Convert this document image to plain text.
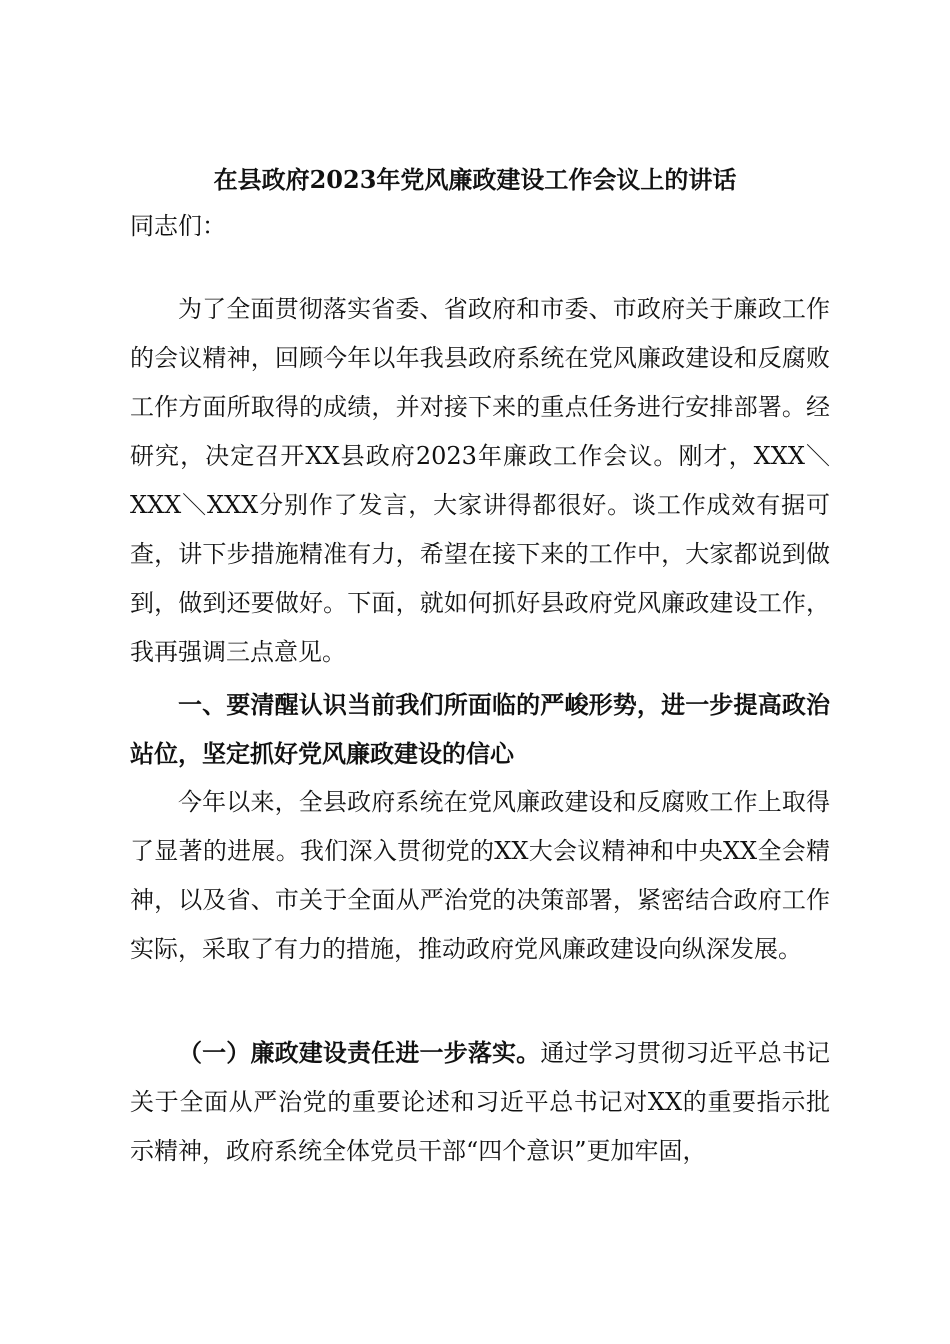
在县政府2023年党风廉政建设工作会议上的讲话
同志们：
为了全面贯彻落实省委、省政府和市委、市政府关于廉政工作的会议精神，回顾今年以年我县政府系统在党风廉政建设和反腐败工作方面所取得的成绩，并对接下来的重点任务进行安排部署。经研究，决定召开XX县政府2023年廉政工作会议。刚才，XXX＼XXX＼XXX分别作了发言，大家讲得都很好。谈工作成效有据可查，讲下步措施精准有力，希望在接下来的工作中，大家都说到做到，做到还要做好。下面，就如何抓好县政府党风廉政建设工作，我再强调三点意见。
一、要清醒认识当前我们所面临的严峻形势，进一步提高政治站位，坚定抓好党风廉政建设的信心
今年以来，全县政府系统在党风廉政建设和反腐败工作上取得了显著的进展。我们深入贯彻党的XX大会议精神和中央XX全会精神，以及省、市关于全面从严治党的决策部署，紧密结合政府工作实际，采取了有力的措施，推动政府党风廉政建设向纵深发展。
（一）廉政建设责任进一步落实。通过学习贯彻习近平总书记关于全面从严治党的重要论述和习近平总书记对XX的重要指示批示精神，政府系统全体党员干部“四个意识”更加牢固，
